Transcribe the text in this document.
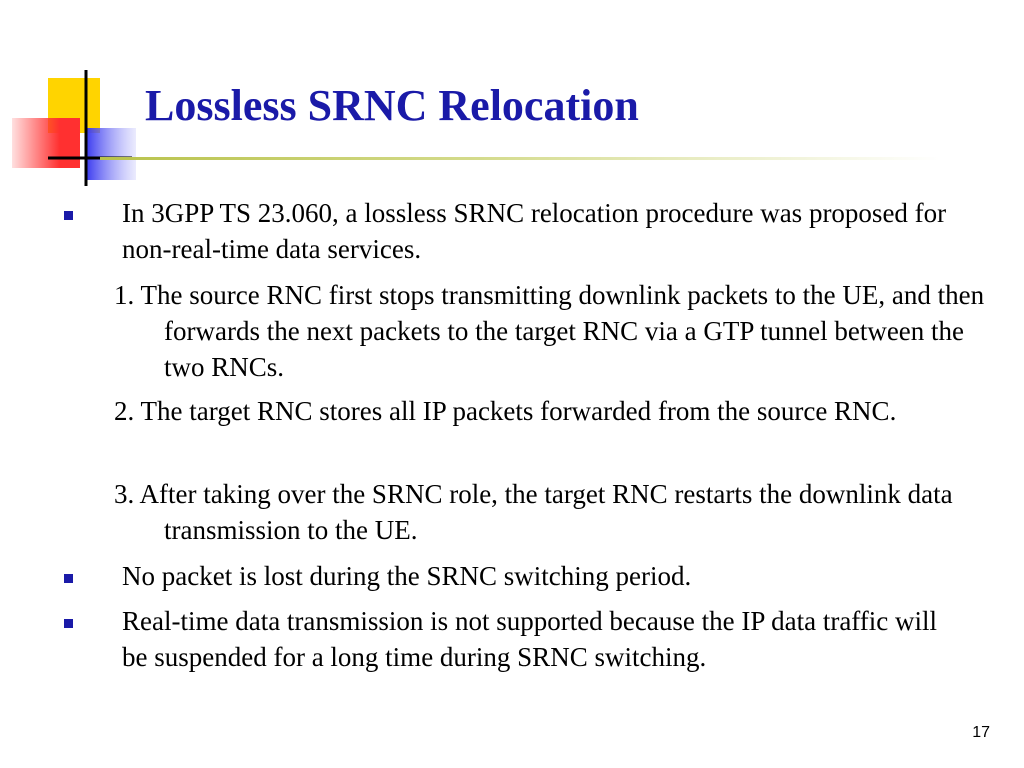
Lossless SRNC Relocation
In 3GPP TS 23.060, a lossless SRNC relocation procedure was proposed for non-real-time data services.
1. The source RNC first stops transmitting downlink packets to the UE, and then forwards the next packets to the target RNC via a GTP tunnel between the two RNCs.
2. The target RNC stores all IP packets forwarded from the source RNC.
3. After taking over the SRNC role, the target RNC restarts the downlink data transmission to the UE.
No packet is lost during the SRNC switching period.
Real-time data transmission is not supported because the IP data traffic will be suspended for a long time during SRNC switching.
17
